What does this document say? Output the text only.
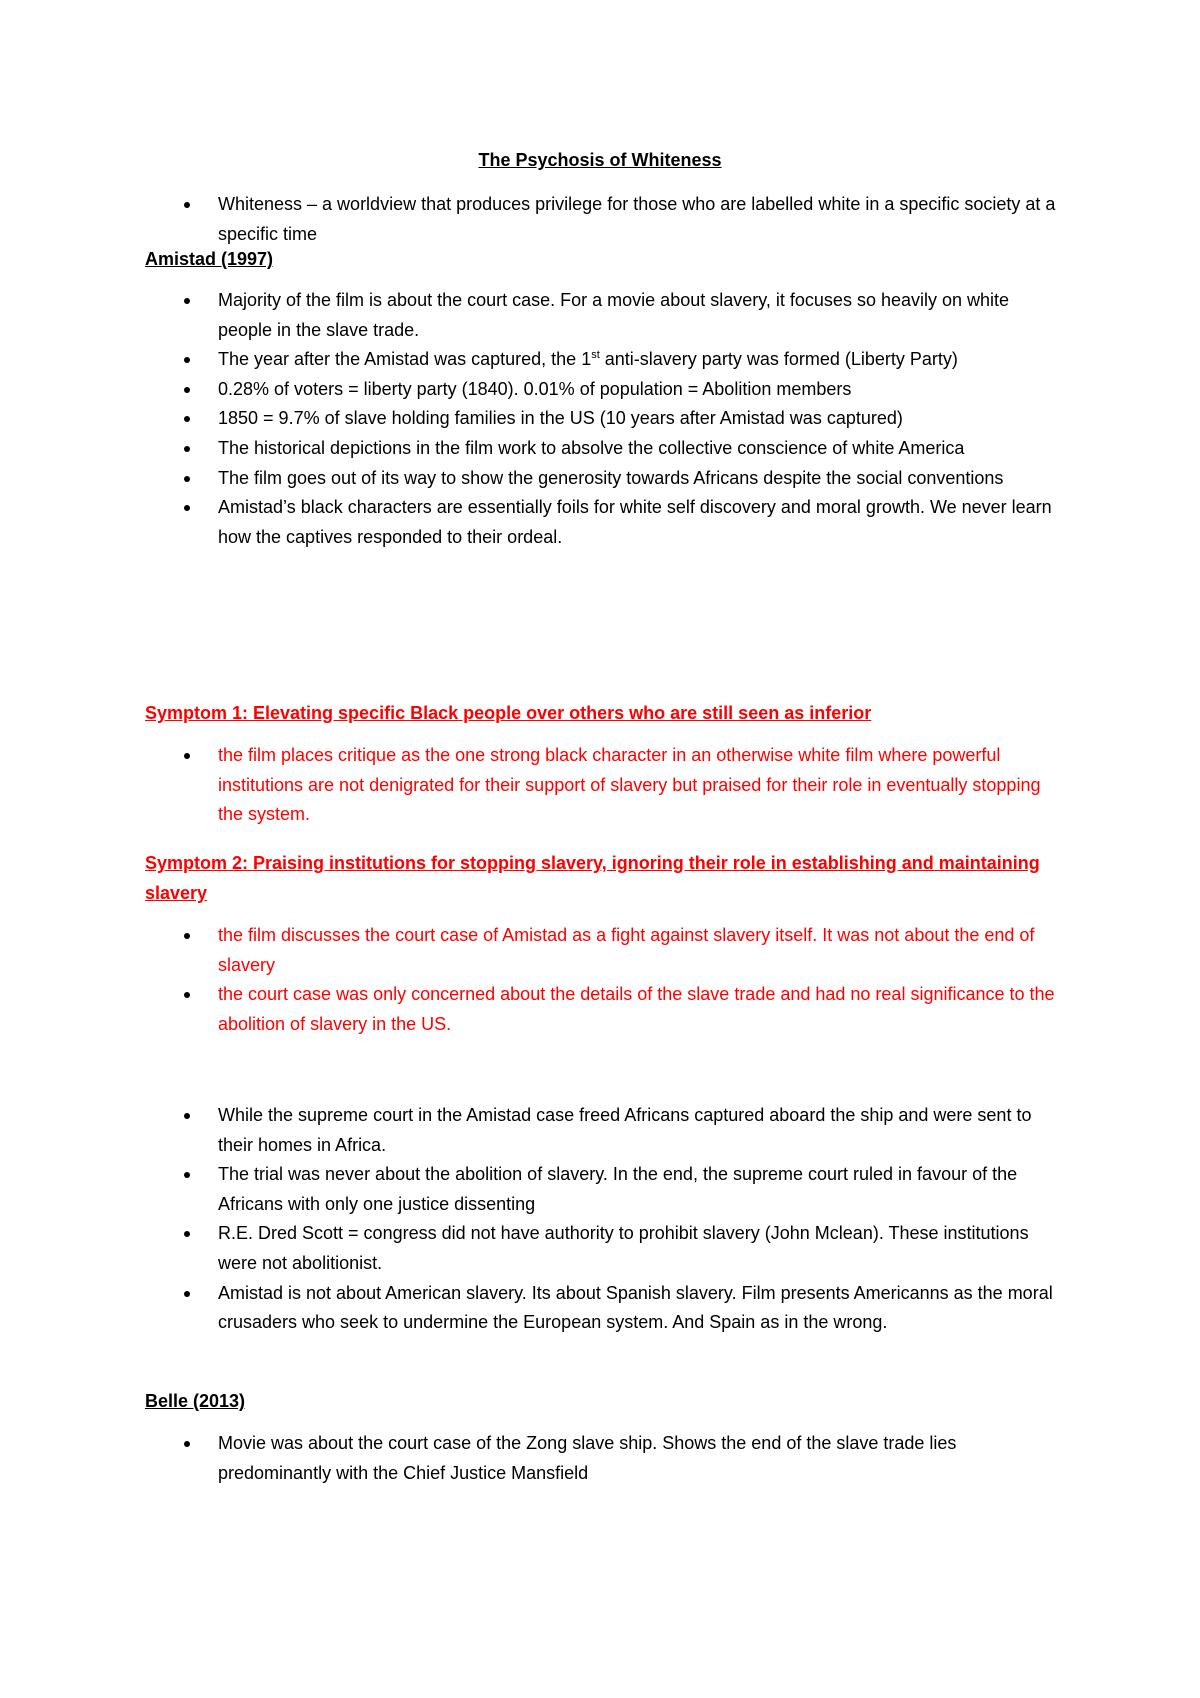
The Psychosis of Whiteness
Whiteness – a worldview that produces privilege for those who are labelled white in a specific society at a specific time
Amistad (1997)
Majority of the film is about the court case. For a movie about slavery, it focuses so heavily on white people in the slave trade.
The year after the Amistad was captured, the 1st anti-slavery party was formed (Liberty Party)
0.28% of voters = liberty party (1840). 0.01% of population = Abolition members
1850 = 9.7% of slave holding families in the US (10 years after Amistad was captured)
The historical depictions in the film work to absolve the collective conscience of white America
The film goes out of its way to show the generosity towards Africans despite the social conventions
Amistad’s black characters are essentially foils for white self discovery and moral growth. We never learn how the captives responded to their ordeal.
Symptom 1: Elevating specific Black people over others who are still seen as inferior
the film places critique as the one strong black character in an otherwise white film where powerful institutions are not denigrated for their support of slavery but praised for their role in eventually stopping the system.
Symptom 2: Praising institutions for stopping slavery, ignoring their role in establishing and maintaining slavery
the film discusses the court case of Amistad as a fight against slavery itself. It was not about the end of slavery
the court case was only concerned about the details of the slave trade and had no real significance to the abolition of slavery in the US.
While the supreme court in the Amistad case freed Africans captured aboard the ship and were sent to their homes in Africa.
The trial was never about the abolition of slavery. In the end, the supreme court ruled in favour of the Africans with only one justice dissenting
R.E. Dred Scott = congress did not have authority to prohibit slavery (John Mclean). These institutions were not abolitionist.
Amistad is not about American slavery. Its about Spanish slavery. Film presents Americanns as the moral crusaders who seek to undermine the European system. And Spain as in the wrong.
Belle (2013)
Movie was about the court case of the Zong slave ship. Shows the end of the slave trade lies predominantly with the Chief Justice Mansfield
